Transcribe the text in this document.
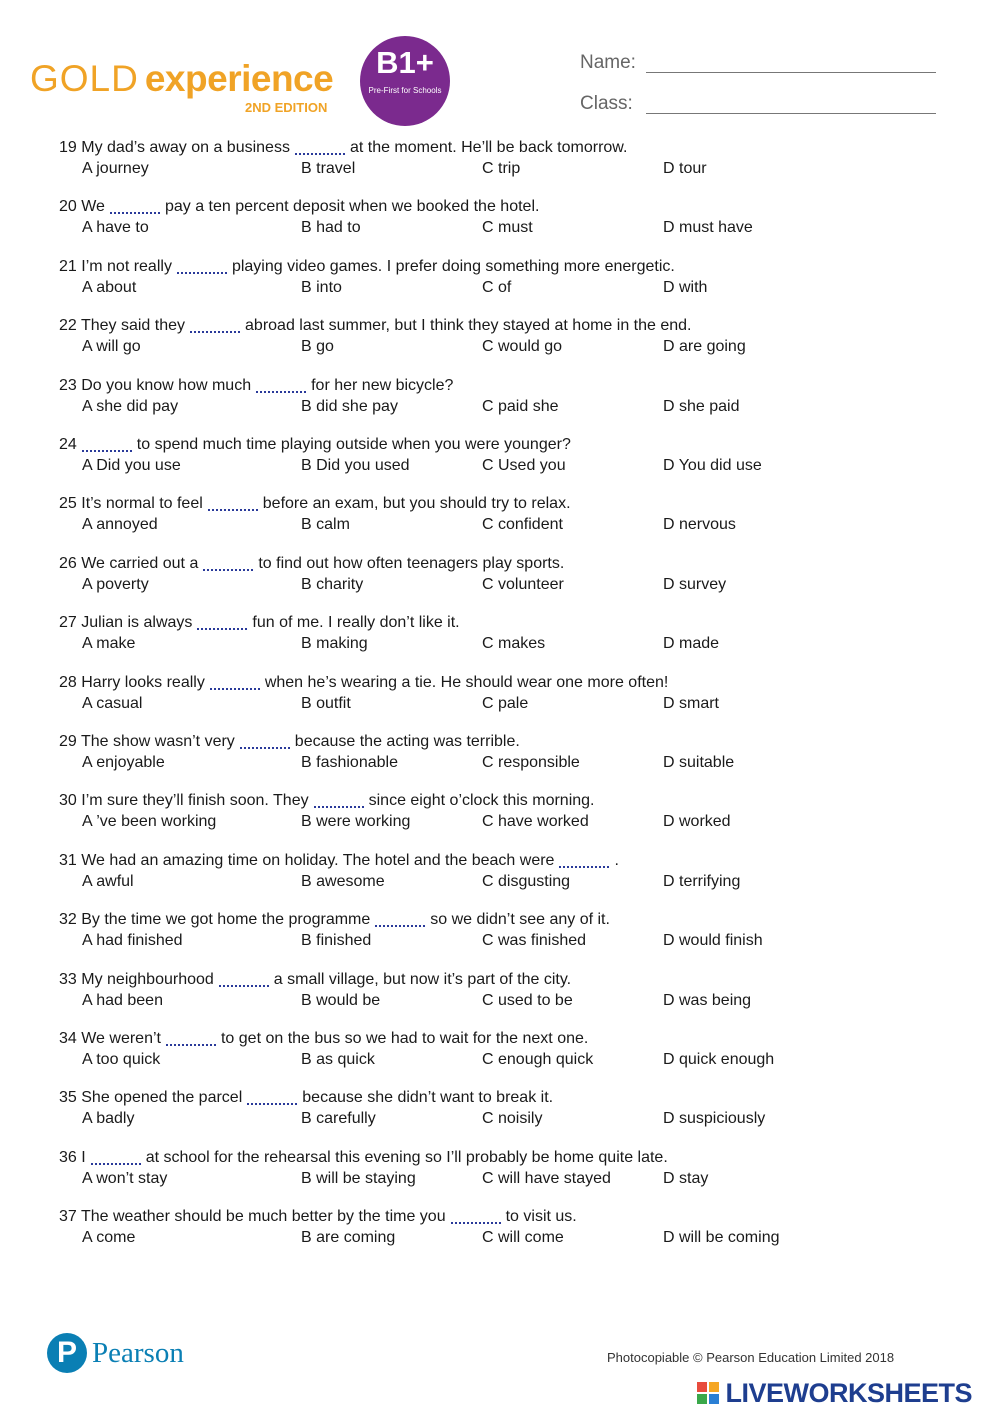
GOLD experience
2ND EDITION
B1+
Pre-First for Schools
Name:
Class:
19 My dad’s away on a business	at the moment. He’ll be back tomorrow.
A journey	B travel	C trip	D tour
20 We	pay a ten percent deposit when we booked the hotel.
A have to	B had to	C must	D must have
21 I’m not really	playing video games. I prefer doing something more energetic.
A about	B into	C of	D with
22 They said they	abroad last summer, but I think they stayed at home in the end.
A will go	B go	C would go	D are going
23 Do you know how much	for her new bicycle?
A she did pay	B did she pay	C paid she	D she paid
24	to spend much time playing outside when you were younger?
A Did you use	B Did you used	C Used you	D You did use
25 It’s normal to feel	before an exam, but you should try to relax.
A annoyed	B calm	C confident	D nervous
26 We carried out a	to find out how often teenagers play sports.
A poverty	B charity	C volunteer	D survey
27 Julian is always	fun of me. I really don’t like it.
A make	B making	C makes	D made
28 Harry looks really	when he’s wearing a tie. He should wear one more often!
A casual	B outfit	C pale	D smart
29 The show wasn’t very	because the acting was terrible.
A enjoyable	B fashionable	C responsible	D suitable
30 I’m sure they’ll finish soon. They	since eight o’clock this morning.
A ’ve been working	B were working	C have worked	D worked
31 We had an amazing time on holiday. The hotel and the beach were	.
A awful	B awesome	C disgusting	D terrifying
32 By the time we got home the programme	so we didn’t see any of it.
A had finished	B finished	C was finished	D would finish
33 My neighbourhood	a small village, but now it’s part of the city.
A had been	B would be	C used to be	D was being
34 We weren’t	to get on the bus so we had to wait for the next one.
A too quick	B as quick	C enough quick	D quick enough
35 She opened the parcel	because she didn’t want to break it.
A badly	B carefully	C noisily	D suspiciously
36 I	at school for the rehearsal this evening so I’ll probably be home quite late.
A won’t stay	B will be staying	C will have stayed	D stay
37 The weather should be much better by the time you	to visit us.
A come	B are coming	C will come	D will be coming
P Pearson	Photocopiable © Pearson Education Limited 2018
LIVEWORKSHEETS
